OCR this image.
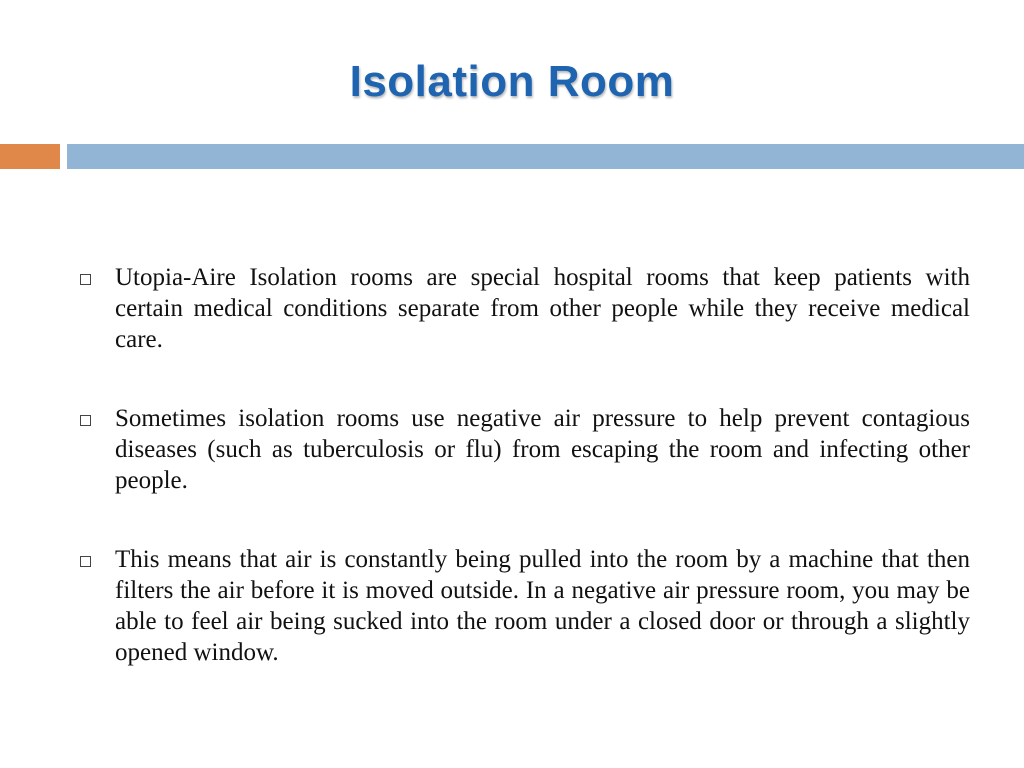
Isolation Room
Utopia-Aire Isolation rooms are special hospital rooms that keep patients with certain medical conditions separate from other people while they receive medical care.
Sometimes isolation rooms use negative air pressure to help prevent contagious diseases (such as tuberculosis or flu) from escaping the room and infecting other people.
This means that air is constantly being pulled into the room by a machine that then filters the air before it is moved outside. In a negative air pressure room, you may be able to feel air being sucked into the room under a closed door or through a slightly opened window.
